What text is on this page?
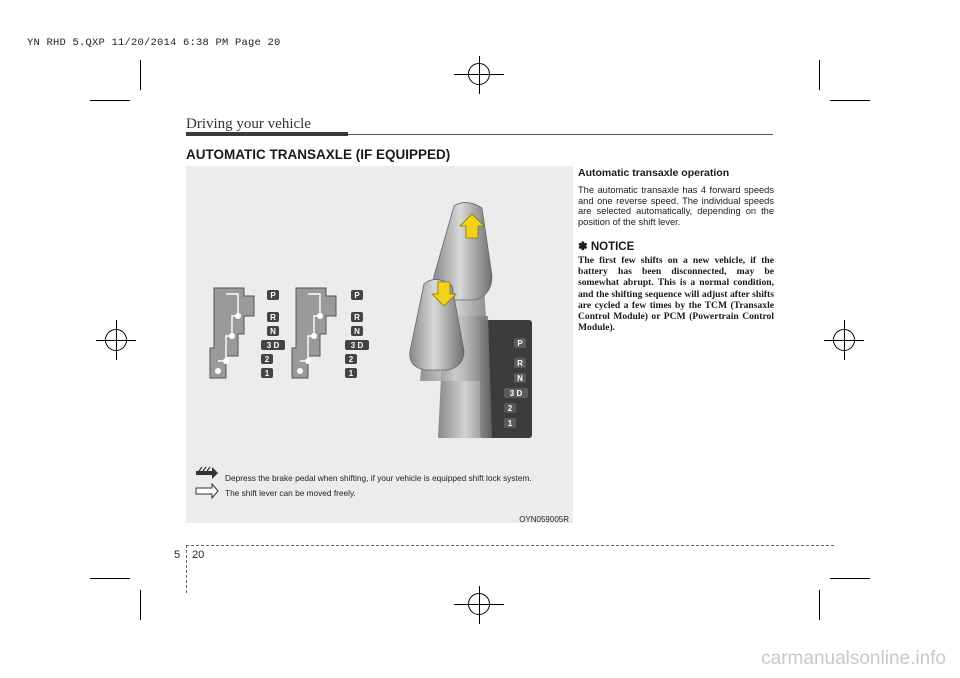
YN RHD 5.QXP 11/20/2014 6:38 PM Page 20
Driving your vehicle
AUTOMATIC TRANSAXLE (IF EQUIPPED)
P
R
N
3 D
2
1
P
R
N
3 D
2
1
P
R
N
3 D
2
1
Depress the brake pedal when shifting, if your vehicle is equipped shift lock system.
The shift lever can be moved freely.
OYN059005R
Automatic transaxle operation

The automatic transaxle has 4 forward speeds and one reverse speed. The individual speeds are selected automatically, depending on the position of the shift lever.

✽ NOTICE

The first few shifts on a new vehicle, if the battery has been disconnected, may be somewhat abrupt. This is a normal condition, and the shifting sequence will adjust after shifts are cycled a few times by the TCM (Transaxle Control Module) or PCM (Powertrain Control Module).

5 20
carmanualsonline.info
